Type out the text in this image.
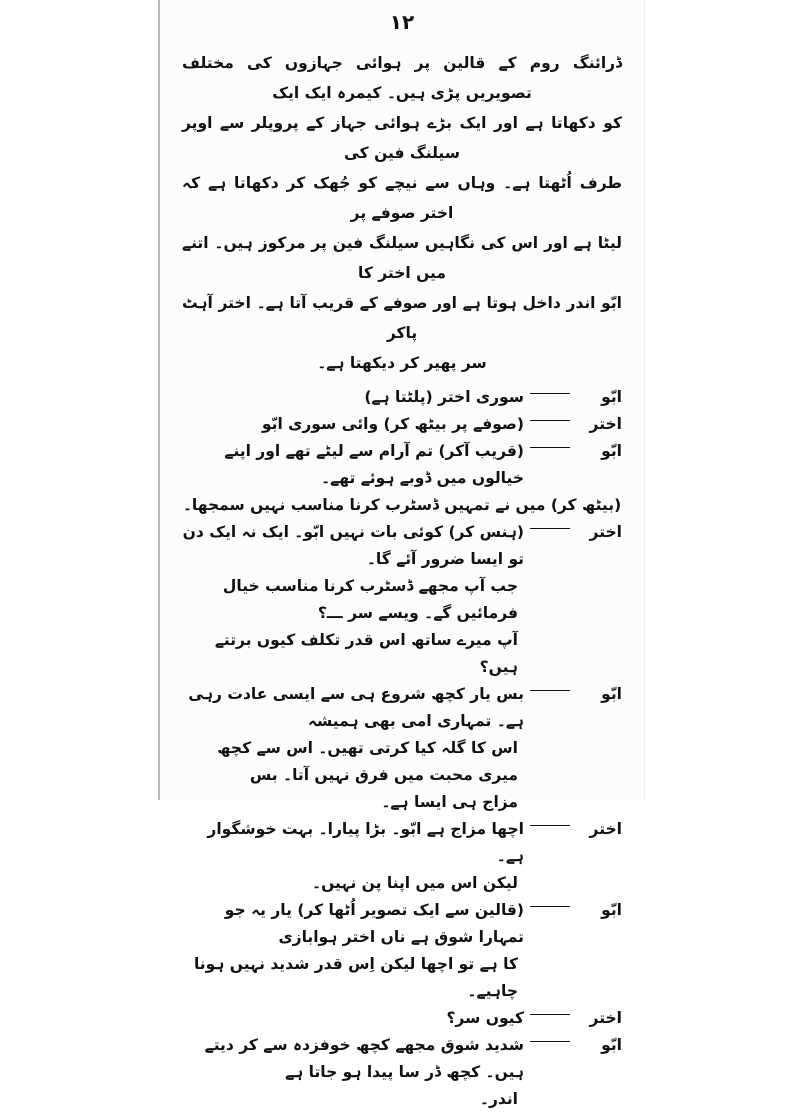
۱۲
ڈرائنگ روم کے قالین پر ہوائی جہازوں کی مختلف تصویریں پڑی ہیں۔ کیمرہ ایک ایک
کو دکھاتا ہے اور ایک بڑے ہوائی جہاز کے پروپلر سے اوپر سیلنگ فین کی
طرف اُٹھتا ہے۔ وہاں سے نیچے کو جُھک کر دکھاتا ہے کہ اختر صوفے پر
لیٹا ہے اور اس کی نگاہیں سیلنگ فین پر مرکوز ہیں۔ اتنے میں اختر کا
ابّو اندر داخل ہوتا ہے اور صوفے کے قریب آتا ہے۔ اختر آہٹ پاکر
سر پھیر کر دیکھتا ہے۔
ابّو
سوری اختر (پلٹتا ہے)
اختر
(صوفے پر بیٹھ کر) وائی سوری ابّو
ابّو
(قریب آکر) تم آرام سے لیٹے تھے اور اپنے خیالوں میں ڈوبے ہوئے تھے۔
(بیٹھ کر) میں نے تمہیں ڈسٹرب کرنا مناسب نہیں سمجھا۔
اختر
(ہنس کر) کوئی بات نہیں ابّو۔ ایک نہ ایک دن تو ایسا ضرور آئے گا۔
جب آپ مجھے ڈسٹرب کرنا مناسب خیال فرمائیں گے۔ ویسے سر ـــ؟
آپ میرے ساتھ اس قدر تکلف کیوں برتتے ہیں؟
ابّو
بس یار کچھ شروع ہی سے ایسی عادت رہی ہے۔ تمہاری امی بھی ہمیشہ
اس کا گلہ کیا کرتی تھیں۔ اس سے کچھ میری محبت میں فرق نہیں آتا۔ بس
مزاج ہی ایسا ہے۔
اختر
اچھا مزاج ہے ابّو۔ بڑا پیارا۔ بہت خوشگوار ہے۔
لیکن اس میں اپنا پن نہیں۔
ابّو
(قالین سے ایک تصویر اُٹھا کر) یار یہ جو تمہارا شوق ہے ناں اختر ہوابازی
کا ہے تو اچھا لیکن اِس قدر شدید نہیں ہونا چاہیے۔
اختر
کیوں سر؟
ابّو
شدید شوق مجھے کچھ خوفزدہ سے کر دیتے ہیں۔ کچھ ڈر سا پیدا ہو جاتا ہے
اندر۔
